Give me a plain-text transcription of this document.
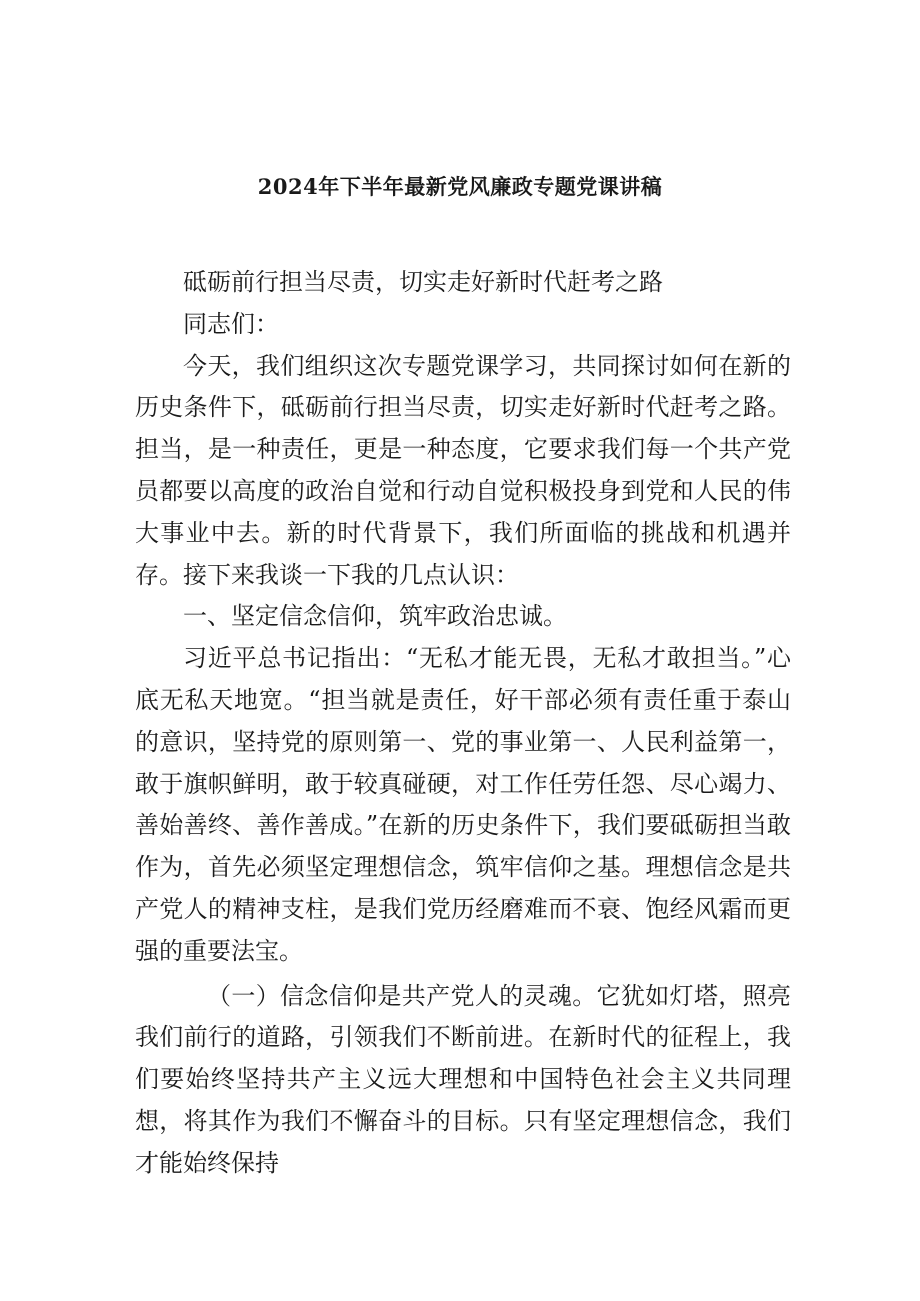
2024年下半年最新党风廉政专题党课讲稿

砥砺前行担当尽责，切实走好新时代赶考之路

同志们：

今天，我们组织这次专题党课学习，共同探讨如何在新的历史条件下，砥砺前行担当尽责，切实走好新时代赶考之路。担当，是一种责任，更是一种态度，它要求我们每一个共产党员都要以高度的政治自觉和行动自觉积极投身到党和人民的伟大事业中去。新的时代背景下，我们所面临的挑战和机遇并存。接下来我谈一下我的几点认识：

一、坚定信念信仰，筑牢政治忠诚。

习近平总书记指出：“无私才能无畏，无私才敢担当。”心底无私天地宽。“担当就是责任，好干部必须有责任重于泰山的意识，坚持党的原则第一、党的事业第一、人民利益第一，敢于旗帜鲜明，敢于较真碰硬，对工作任劳任怨、尽心竭力、善始善终、善作善成。”在新的历史条件下，我们要砥砺担当敢作为，首先必须坚定理想信念，筑牢信仰之基。理想信念是共产党人的精神支柱，是我们党历经磨难而不衰、饱经风霜而更强的重要法宝。

（一）信念信仰是共产党人的灵魂。它犹如灯塔，照亮我们前行的道路，引领我们不断前进。在新时代的征程上，我们要始终坚持共产主义远大理想和中国特色社会主义共同理想，将其作为我们不懈奋斗的目标。只有坚定理想信念，我们才能始终保持
